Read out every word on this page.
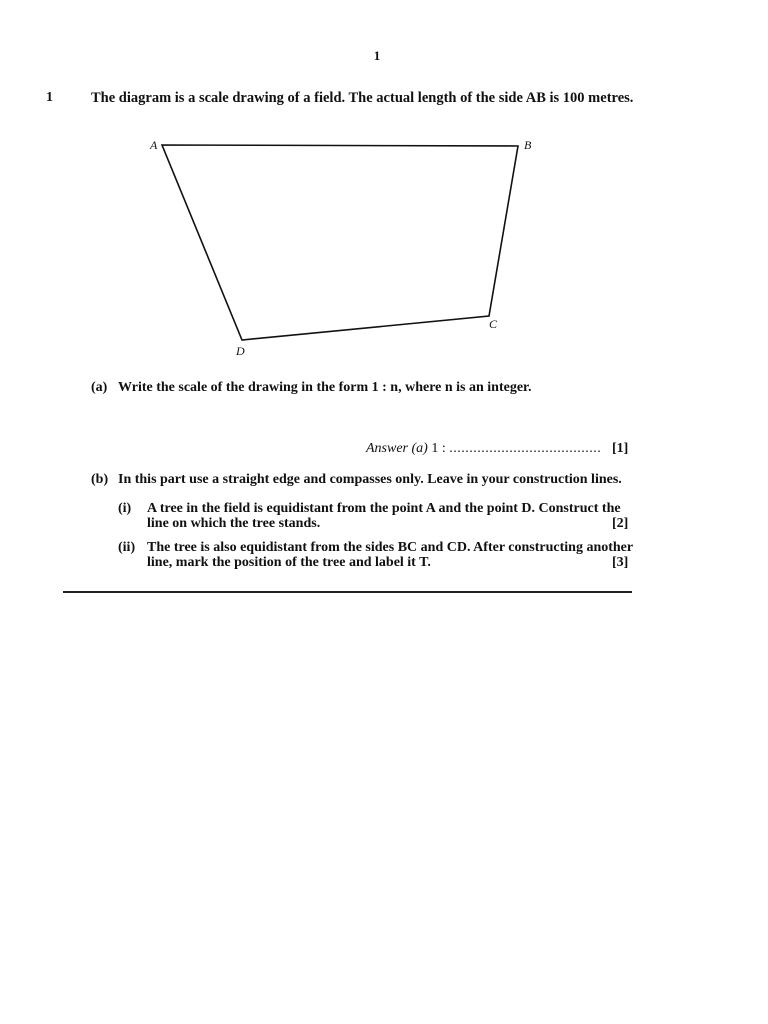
1
1	The diagram is a scale drawing of a field. The actual length of the side AB is 100 metres.
A	B
C
D
(a) Write the scale of the drawing in the form 1 : n, where n is an integer.
Answer (a) 1 : ...................................... [1]
(b) In this part use a straight edge and compasses only. Leave in your construction lines.
(i) A tree in the field is equidistant from the point A and the point D. Construct the
line on which the tree stands.	[2]
(ii) The tree is also equidistant from the sides BC and CD. After constructing another
line, mark the position of the tree and label it T.	[3]
